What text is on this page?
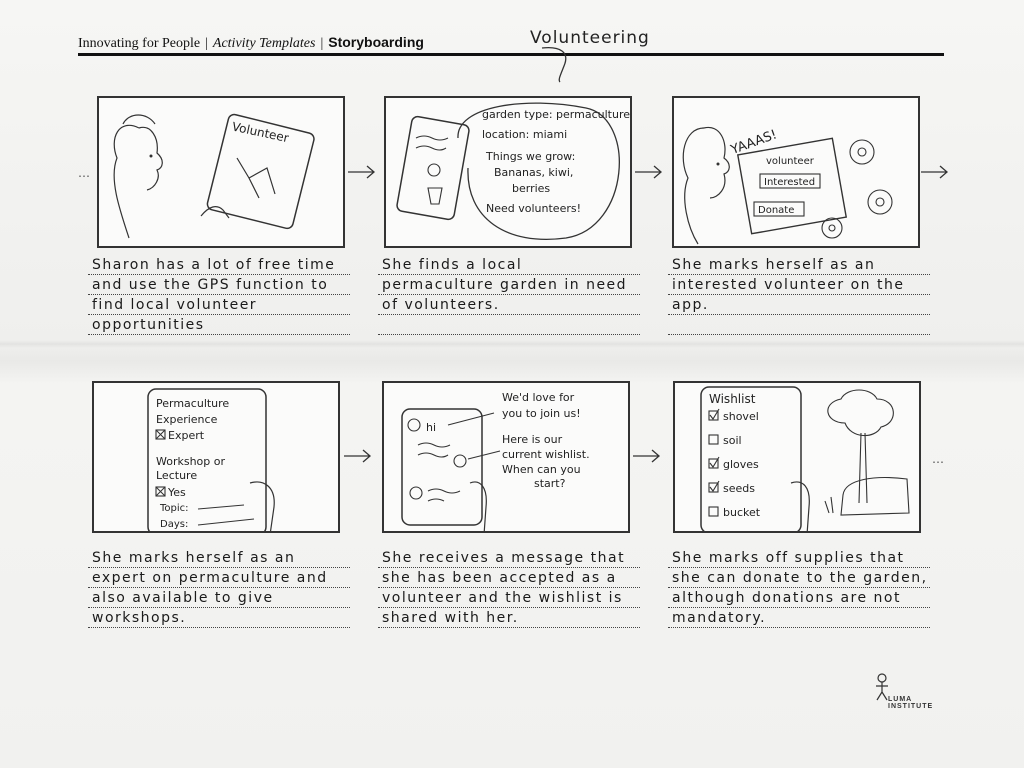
Innovating for People | Activity Templates | Storyboarding	Volunteering
…
Volunteer
garden type: permaculture
location: miami
Things we grow:
Bananas, kiwi,
berries
Need volunteers!
YAAAS!
volunteer
Interested
Donate
Sharon has a lot of free time and use the GPS function to find local volunteer opportunities
She finds a local permaculture garden in need of volunteers.
She marks herself as an interested volunteer on the app.
Permaculture
Experience
Expert
Workshop or
Lecture
Yes
Topic:
Days:
hi
We'd love for
you to join us!
Here is our
current wishlist.
When can you
start?
Wishlist
shovel
soil
gloves
seeds
bucket
…
She marks herself as an expert on permaculture and also available to give workshops.
She receives a message that she has been accepted as a volunteer and the wishlist is shared with her.
She marks off supplies that she can donate to the garden, although donations are not mandatory.
LUMA INSTITUTE
